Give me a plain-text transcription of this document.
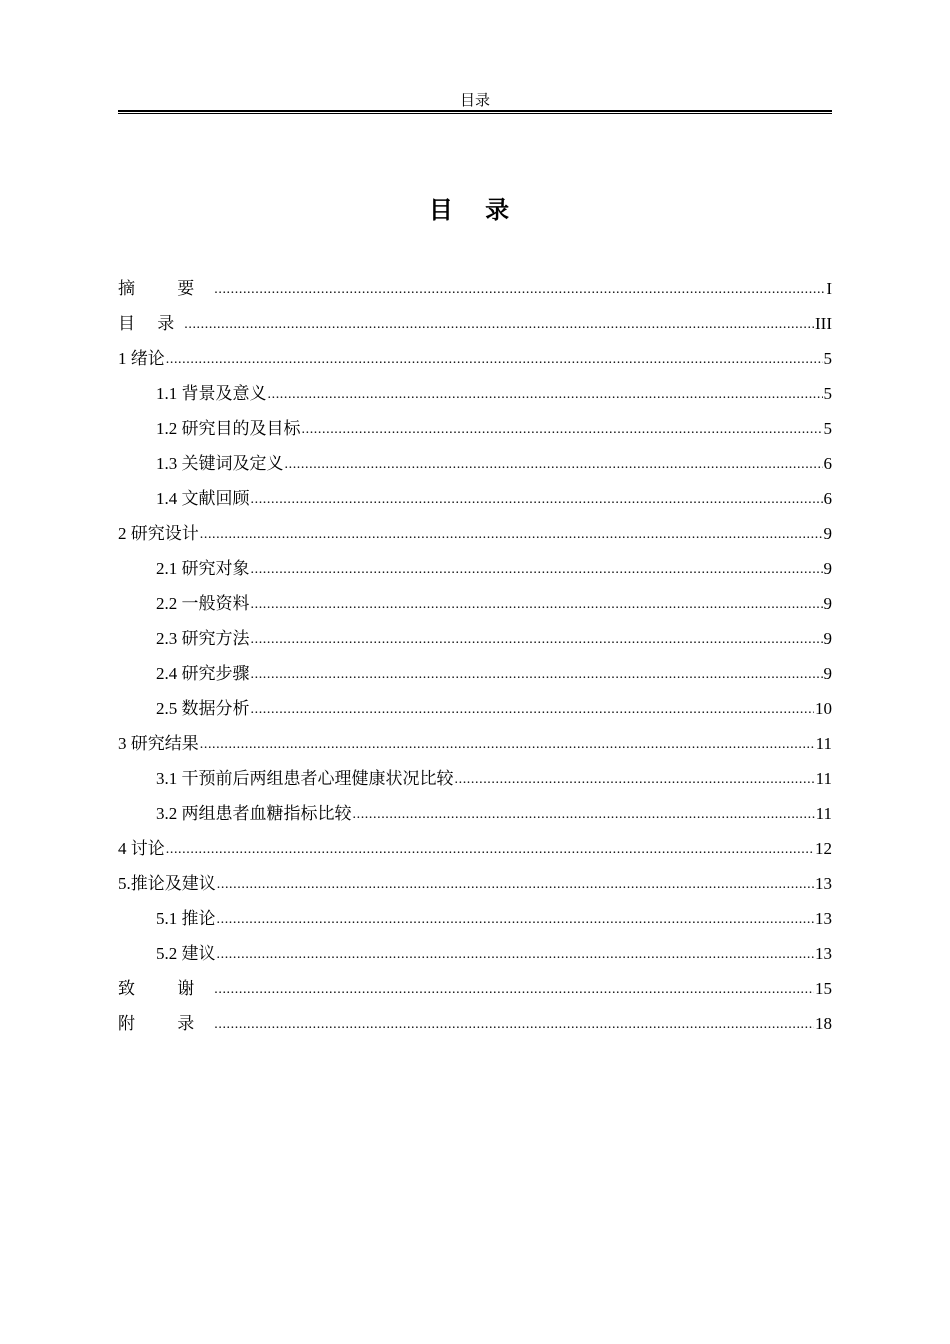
目录
目 录
摘 要 .....	I
目 录 .....	III
1 绪论 .....	5
1.1 背景及意义 .....	5
1.2 研究目的及目标 .....	5
1.3 关键词及定义 .....	6
1.4 文献回顾 .....	6
2 研究设计 .....	9
2.1 研究对象 .....	9
2.2 一般资料 .....	9
2.3 研究方法 .....	9
2.4 研究步骤 .....	9
2.5 数据分析 .....	10
3 研究结果 .....	11
3.1 干预前后两组患者心理健康状况比较 .....	11
3.2 两组患者血糖指标比较 .....	11
4 讨论 .....	12
5.推论及建议 .....	13
5.1 推论 .....	13
5.2 建议 .....	13
致 谢 .....	15
附 录 .....	18
